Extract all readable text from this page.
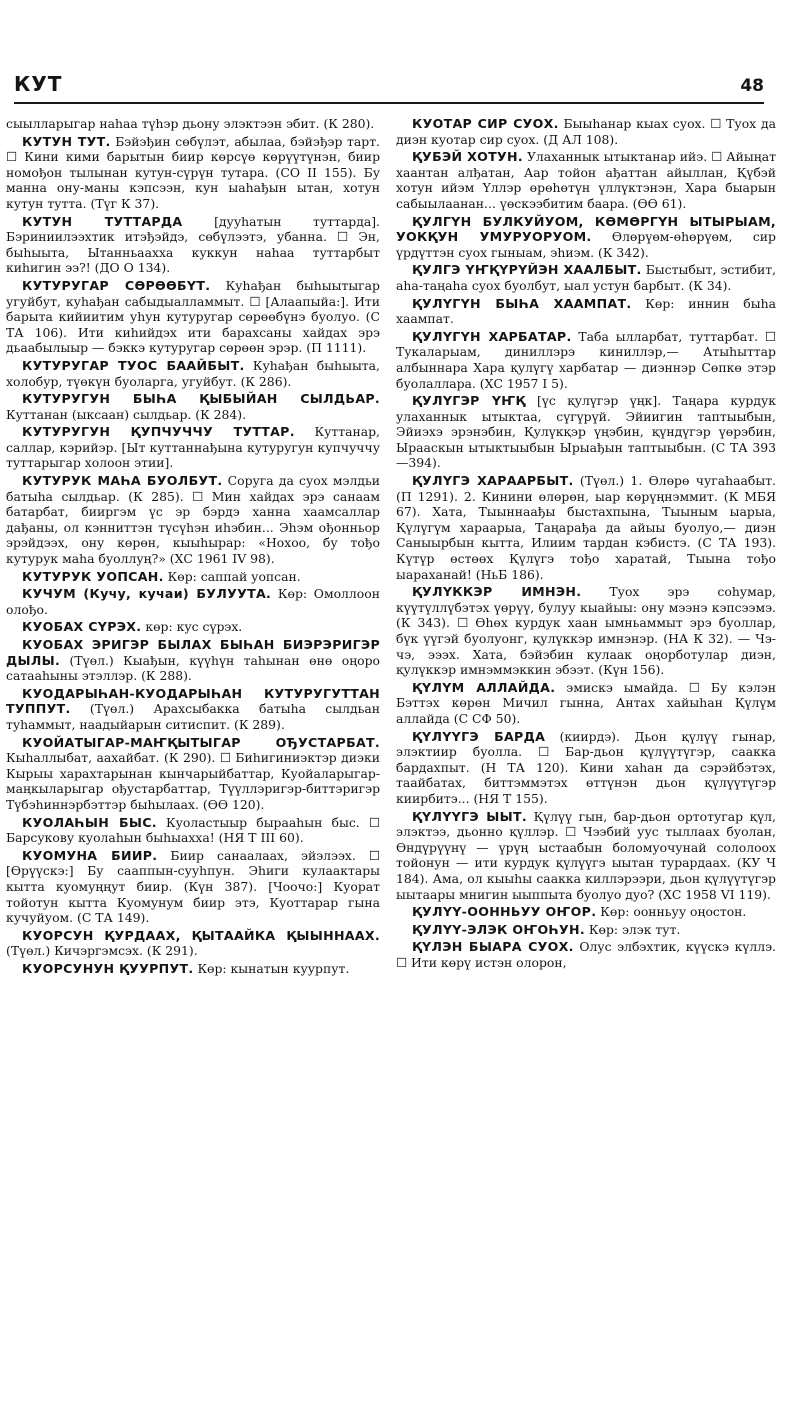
КУТ	48

сыылларыгар наһаа түһэр дьону элэктээн эбит. (К 280).

КУТУН ТУТ. Бэйэђин сөбүлэт, абылаа, бэйэђэр тарт. ☐ Кини кими барытын биир көрсүө көрүүтүнэн, биир номођон тылынан кутун-сүрүн тутара. (СО II 155). Бу манна ону-маны кэпсээн, кун ыаһађын ытан, хотун кутун тутта. (Түг К 37).

КУТУН ТУТТАРДА	[дууһатын туттарда]. Бэриниилээхтик итэђэйдэ, сөбүлээтэ, убанна. ☐ Эн, быһыыта, Ытанньаахха куккун наһаа туттарбыт киһигин ээ?! (ДО О 134).

КУТУРУГАР СӨРӨӨБҮТ. Куһађан быһыытыгар угуйбут, куһађан сабыдыалламмыт. ☐ [Алаапыйа:]. Ити барыта кийиитим уһун кутуругар сөрөөбүнэ буолуо. (С ТА 106). Ити киһийдэх ити барахсаны хайдах эрэ дьаабылыыр — бэккэ кутуругар сөрөөн эрэр. (П 1111).

КУТУРУГАР ТУОС БААЙБЫТ. Куһађан быһыыта, холобур, түөкүн буоларга, угуйбут. (К 286).

КУТУРУГУН БЫҺА ҚЫБЫЙАН СЫЛДЬАР. Куттанан (ыксаан) сылдьар. (К 284).

КУТУРУГУН ҚУПЧУЧЧУ ТУТТАР. Куттанар, саллар, кэрийэр. [Ыт куттаннађына кутуругун купчуччу туттарыгар холоон этии].

КУТУРУК МАҺА БУОЛБУТ. Соруга да суох мэлдьи батыһа сылдьар. (К 285). ☐ Мин хайдах эрэ санаам батарбат, бииргэм үс эр бэрдэ ханна хаамсаллар дађаны, ол кэнниттэн түсүһэн иһэбин... Эһэм ођонньор эрэйдээх, ону көрөн, кыыһырар: «Нохоо, бу тођо кутурук маһа буоллуң?» (ХС 1961 IV 98).

КУТУРУК УОПСАН. Көр: саппай уопсан.

КУЧУМ (Кучу, кучаи) БУЛУУТА. Көр: Омоллоон олођо.

КУОБАХ СҮРЭХ. көр: кус сүрэх.

КУОБАХ ЭРИГЭР БЫЛАХ БЫҺАН БИЭРЭРИГЭР ДЫЛЫ. (Түөл.) Кыађын, күүһүн таһынан өнө оңоро сатааһыны этэллэр. (К 288).

КУОДАРЫҺАН-КУОДАРЫҺАН КУТУРУГУТТАН ТУППУТ. (Түөл.) Арахсыбакка батыһа сылдьан туһаммыт, наадыйарын ситиспит. (К 289).

КУОЙАТЫГАР-МАҤҚЫТЫГАР ОЂУСТАРБАТ. Кыһаллыбат, аахайбат. (К 290). ☐ Биһигиниэктэр диэки Кырыы харахтарынан кынчарыйбаттар, Куойаларыгар-маңкыларыгар ођустарбаттар, Түүллэригэр-биттэригэр Түбэһиннэрбэттэр быһылаах. (ӨӨ 120).

КУОЛАҺЫН БЫС. Куоластыыр бырааһын быс. ☐ Барсукову куолаһын быһыаххa! (НЯ Т III 60).

КУОМУНА БИИР. Биир санаалаах, эйэлээх. ☐ [Өрүүскэ:] Бу сааппын-сууһпун. Эһиги кулаактары кытта куомуңңут биир. (Күн 387). [Чоочо:] Куорат тойотун кытта Куомунум биир этэ, Куоттарар гына кучуйуом. (С ТА 149).

КУОРСУН ҚУРДААХ, ҚЫТААЙКА ҚЫЫННААХ. (Түөл.) Кичэргэмсэх. (К 291).

КУОРСУНУН ҚУУРПУТ. Көр: кынатын куурпут.

КУОТАР СИР СУОХ. Быыһанар кыах суох. ☐ Туох да диэн куотар сир суох. (Д АЛ 108).

ҚУБЭЙ ХОТУН. Улаханнык ытыктанар ийэ. ☐ Айыңат хаантан алђатан, Аар тойон ађаттан айыллан, Қүбэй хотун ийэм Үллэр өрөһөтүн үллүктэнэн, Хара быарын сабыылаанан... үөскээбитим баара. (ӨӨ 61).

ҚУЛГҮН БУЛКУЙУОМ, КӨМӨРГҮН ЫТЫРЫАМ, УОКҚУН УМУРУОРУОМ. Өлөрүөм-өһөрүөм, сир үрдүттэн суох гыныам, эһиэм. (К 342).

ҚУЛГЭ ҮҤҚҮРҮЙЭН ХААЛБЫТ. Быстыбыт, эстибит, аһа-таңаһа суох буолбут, ыал устун барбыт. (К 34).

ҚУЛҮГҮН БЫҺА ХААМПАТ. Көр: иннин быһа хаампат.

ҚУЛҮГҮН ХАРБАТАР. Таба ылларбат, туттарбат. ☐ Тукаларыам, диниллэрэ киниллэр,— Атыһыттар албыннара Хара қулүгү харбатар — диэннэр Сөпкө этэр буолаллара. (ХС 1957 I 5).

ҚУЛҮГЭР ҮҤҚ [үс қулүгэр үңк]. Таңара курдук улаханнык ытыктаа, сүгүрүй. Эйиигин таптыыбын, Эйиэхэ эрэнэбин, Қулүкқэр үңэбин, қүндүгэр үөрэбин, Ырааскын ытыктыыбын Ырыађын таптыыбын. (С ТА 393—394).

ҚУЛҮГЭ ХАРААРБЫТ. (Түөл.) 1. Өлөрө чугаһаабыт. (П 1291). 2. Кинини өлөрөн, ыар көрүңнэммит. (К МБЯ 67). Хата, Тыыннаађы быстахпына, Тыыным ыарыа, Қүлүгүм хараарыа, Таңарађа да айыы буолуо,— диэн Саныырбын кытта, Илиим тардан кэбистэ. (С ТА 193). Күтүр өстөөх Қүлүгэ тођо харатай, Тыына тођо ыараханай! (НьБ 186).

ҚУЛҮККЭР ИМНЭН. Туох эрэ соһумар, күүтүллүбэтэх үөрүү, булуу кыайыы: ону мээнэ кэпсээмэ. (К 343). ☐ Өһөх курдук хаан ымньаммыт эрэ буоллар, бүк үүгэй буолуонг, қулүккэр имнэнэр. (НА К 32). — Чэ-чэ, эээх. Хата, бэйэбин кулаак оңорботулар диэн, қулүккэр имнэммэккин эбээт. (Күн 156).

ҚҮЛҮМ АЛЛАЙДА. эмискэ ымайда. ☐ Бу кэлэн Бэттэх көрөн Мичил гынна, Антах хайыһан Қүлүм аллайда (С СФ 50).

ҚҮЛҮҮГЭ БАРДА (киирдэ). Дьон қүлүү гынар, элэктиир буолла. ☐ Бар-дьон қүлүүтүгэр, саакка бардахпыт. (Н ТА 120). Кини хаһан да сэрэйбэтэх, таайбатах, биттэммэтэх өттүнэн дьон қүлүүтүгэр киирбитэ... (НЯ Т 155).

ҚҮЛҮҮГЭ ЫЫТ. Қүлүү гын, бар-дьон ортотугар қүл, элэктээ, дьонно қүллэр. ☐ Чээбий уус тыллаах буолан, Өндүрүүнү — үрүң ыстаабын боломуочунай сололоох тойонун — ити курдук қүлүүгэ ыытан турардаах. (КУ Ч 184). Ама, ол кыыһы саакка киллэрээри, дьон қүлүүтүгэр ыытаары мнигин ыыппыта буолуо дуо? (ХС 1958 VI 119).

ҚУЛҮҮ-ООННЬУУ ОҤОР. Көр: оонньуу оңостон.

ҚУЛҮҮ-ЭЛЭК ОҤОҺУН. Көр: элэк тут.

ҚҮЛЭН БЫАРА СУОХ. Олус элбэхтик, күүскэ күллэ. ☐ Ити көрү истэн олорон,
